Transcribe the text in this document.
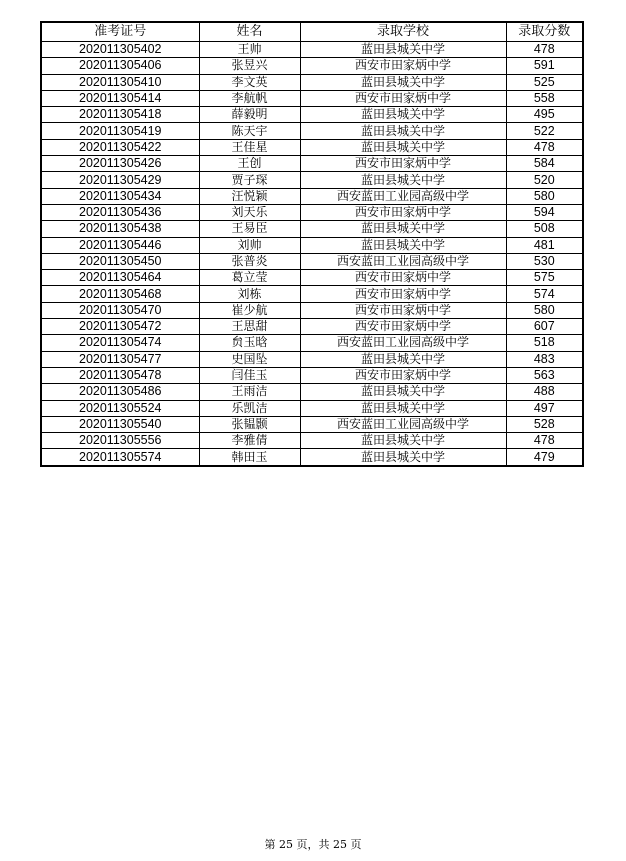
准考证号	姓名	录取学校	录取分数
202011305402	王帅	蓝田县城关中学	478
202011305406	张昱兴	西安市田家炳中学	591
202011305410	李文英	蓝田县城关中学	525
202011305414	李航帆	西安市田家炳中学	558
202011305418	薛毅明	蓝田县城关中学	495
202011305419	陈天宇	蓝田县城关中学	522
202011305422	王佳星	蓝田县城关中学	478
202011305426	王创	西安市田家炳中学	584
202011305429	贾子琛	蓝田县城关中学	520
202011305434	汪悦颖	西安蓝田工业园高级中学	580
202011305436	刘天乐	西安市田家炳中学	594
202011305438	王易臣	蓝田县城关中学	508
202011305446	刘帅	蓝田县城关中学	481
202011305450	张普炎	西安蓝田工业园高级中学	530
202011305464	葛立莹	西安市田家炳中学	575
202011305468	刘栋	西安市田家炳中学	574
202011305470	崔少航	西安市田家炳中学	580
202011305472	王思甜	西安市田家炳中学	607
202011305474	贠玉晗	西安蓝田工业园高级中学	518
202011305477	史国坠	蓝田县城关中学	483
202011305478	闫佳玉	西安市田家炳中学	563
202011305486	王雨洁	蓝田县城关中学	488
202011305524	乐凯洁	蓝田县城关中学	497
202011305540	张韫颢	西安蓝田工业园高级中学	528
202011305556	李雅倩	蓝田县城关中学	478
202011305574	韩田玉	蓝田县城关中学	479
第 25 页，共 25 页
